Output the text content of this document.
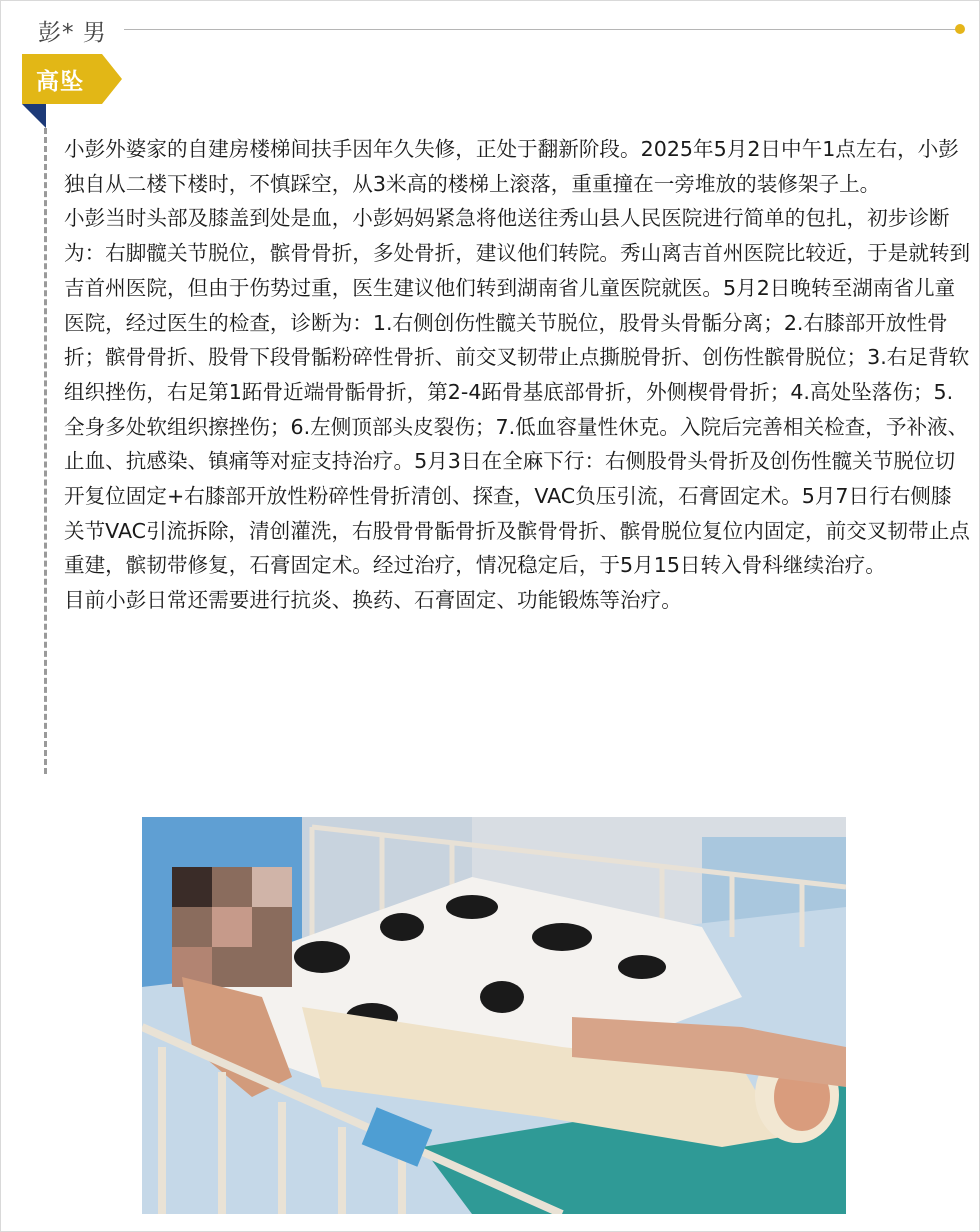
彭* 男
高坠

小彭外婆家的自建房楼梯间扶手因年久失修，正处于翻新阶段。2025年5月2日中午1点左右，小彭独自从二楼下楼时，不慎踩空，从3米高的楼梯上滚落，重重撞在一旁堆放的装修架子上。

小彭当时头部及膝盖到处是血，小彭妈妈紧急将他送往秀山县人民医院进行简单的包扎，初步诊断为：右脚髋关节脱位，髌骨骨折，多处骨折，建议他们转院。秀山离吉首州医院比较近，于是就转到吉首州医院，但由于伤势过重，医生建议他们转到湖南省儿童医院就医。5月2日晚转至湖南省儿童医院，经过医生的检查，诊断为：1.右侧创伤性髋关节脱位，股骨头骨骺分离；2.右膝部开放性骨折；髌骨骨折、股骨下段骨骺粉碎性骨折、前交叉韧带止点撕脱骨折、创伤性髌骨脱位；3.右足背软组织挫伤，右足第1跖骨近端骨骺骨折，第2-4跖骨基底部骨折，外侧楔骨骨折；4.高处坠落伤；5.全身多处软组织擦挫伤；6.左侧顶部头皮裂伤；7.低血容量性休克。入院后完善相关检查，予补液、止血、抗感染、镇痛等对症支持治疗。5月3日在全麻下行：右侧股骨头骨折及创伤性髋关节脱位切开复位固定+右膝部开放性粉碎性骨折清创、探查，VAC负压引流，石膏固定术。5月7日行右侧膝关节VAC引流拆除，清创灌洗，右股骨骨骺骨折及髌骨骨折、髌骨脱位复位内固定，前交叉韧带止点重建，髌韧带修复，石膏固定术。经过治疗，情况稳定后，于5月15日转入骨科继续治疗。

目前小彭日常还需要进行抗炎、换药、石膏固定、功能锻炼等治疗。
